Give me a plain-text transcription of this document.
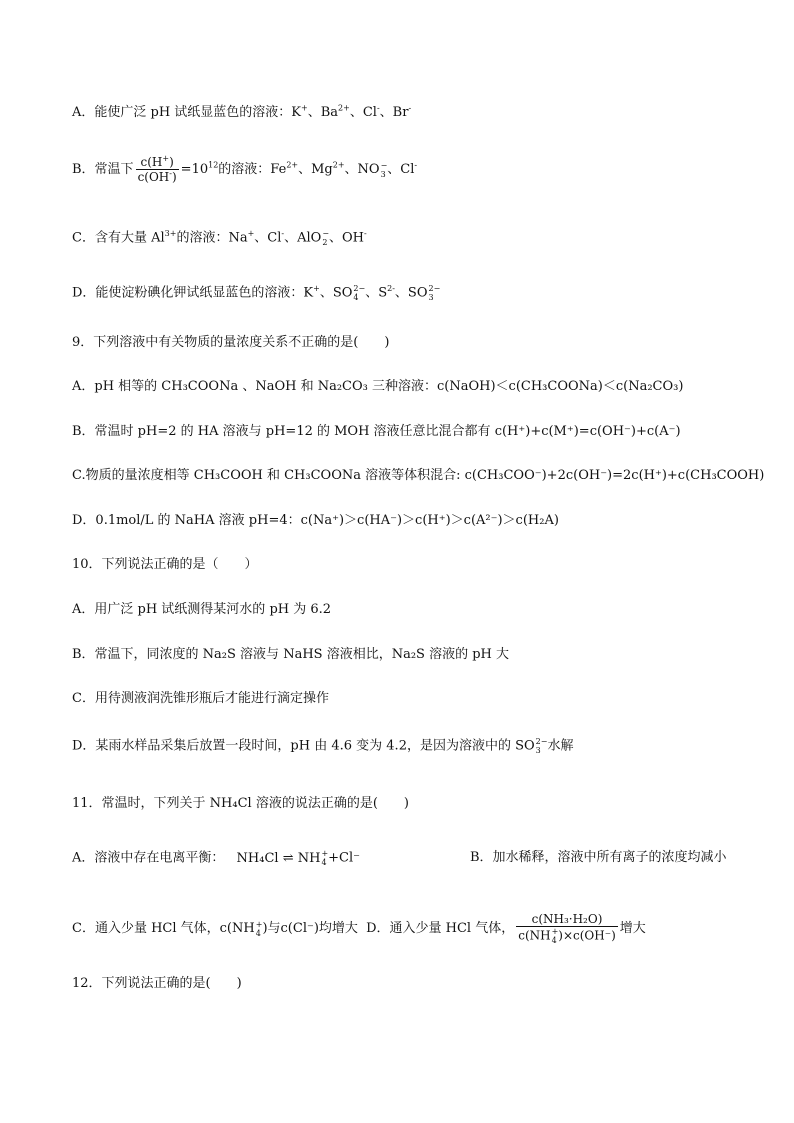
A．能使广泛 pH 试纸显蓝色的溶液：K+、$Ba^{2+}$、Cl-、Br-
B．常温下 $\frac{c(H^+)}{c(OH^-)} =10^{12}$的溶液：$Fe^{2+}$、$Mg^{2+}$、NO −
3 、Cl-
C．含有大量 $Al^{3+}$的溶液：Na+、Cl-、AlO −
2 、OH-
D．能使淀粉碘化钾试纸显蓝色的溶液：K+、SO 2−
4 、$S^{2-}$、SO 2−
3
9．下列溶液中有关物质的量浓度关系不正确的是(　　)
A．pH 相等的 CH₃COONa 、NaOH 和 Na₂CO₃ 三种溶液：c(NaOH)＜c(CH₃COONa)＜c(Na₂CO₃)
B．常温时 pH=2 的 HA 溶液与 pH=12 的 MOH 溶液任意比混合都有 c(H⁺)+c(M⁺)=c(OH⁻)+c(A⁻)
C.物质的量浓度相等 CH₃COOH 和 CH₃COONa 溶液等体积混合: c(CH₃COO⁻)+2c(OH⁻)=2c(H⁺)+c(CH₃COOH)
D．0.1mol/L 的 NaHA 溶液 pH=4：c(Na⁺)＞c(HA⁻)＞c(H⁺)＞c(A²⁻)＞c(H₂A)
10．下列说法正确的是（　　）
A．用广泛 pH 试纸测得某河水的 pH 为 6.2
B．常温下，同浓度的 Na₂S 溶液与 NaHS 溶液相比，Na₂S 溶液的 pH 大
C．用待测液润洗锥形瓶后才能进行滴定操作
D．某雨水样品采集后放置一段时间，pH 由 4.6 变为 4.2，是因为溶液中的 SO 2−
3 水解
11．常温时，下列关于 NH₄Cl 溶液的说法正确的是(　　)
A．溶液中存在电离平衡： NH₄Cl ⇌ NH +
4 +Cl⁻	B．加水稀释，溶液中所有离子的浓度均减小
C．通入少量 HCl 气体，c(NH +
4 )与c(Cl⁻)均增大 D．通入少量 HCl 气体， c(NH₃·H₂O)
c(NH +
4 )×c(OH⁻) 增大
12．下列说法正确的是(　　)
